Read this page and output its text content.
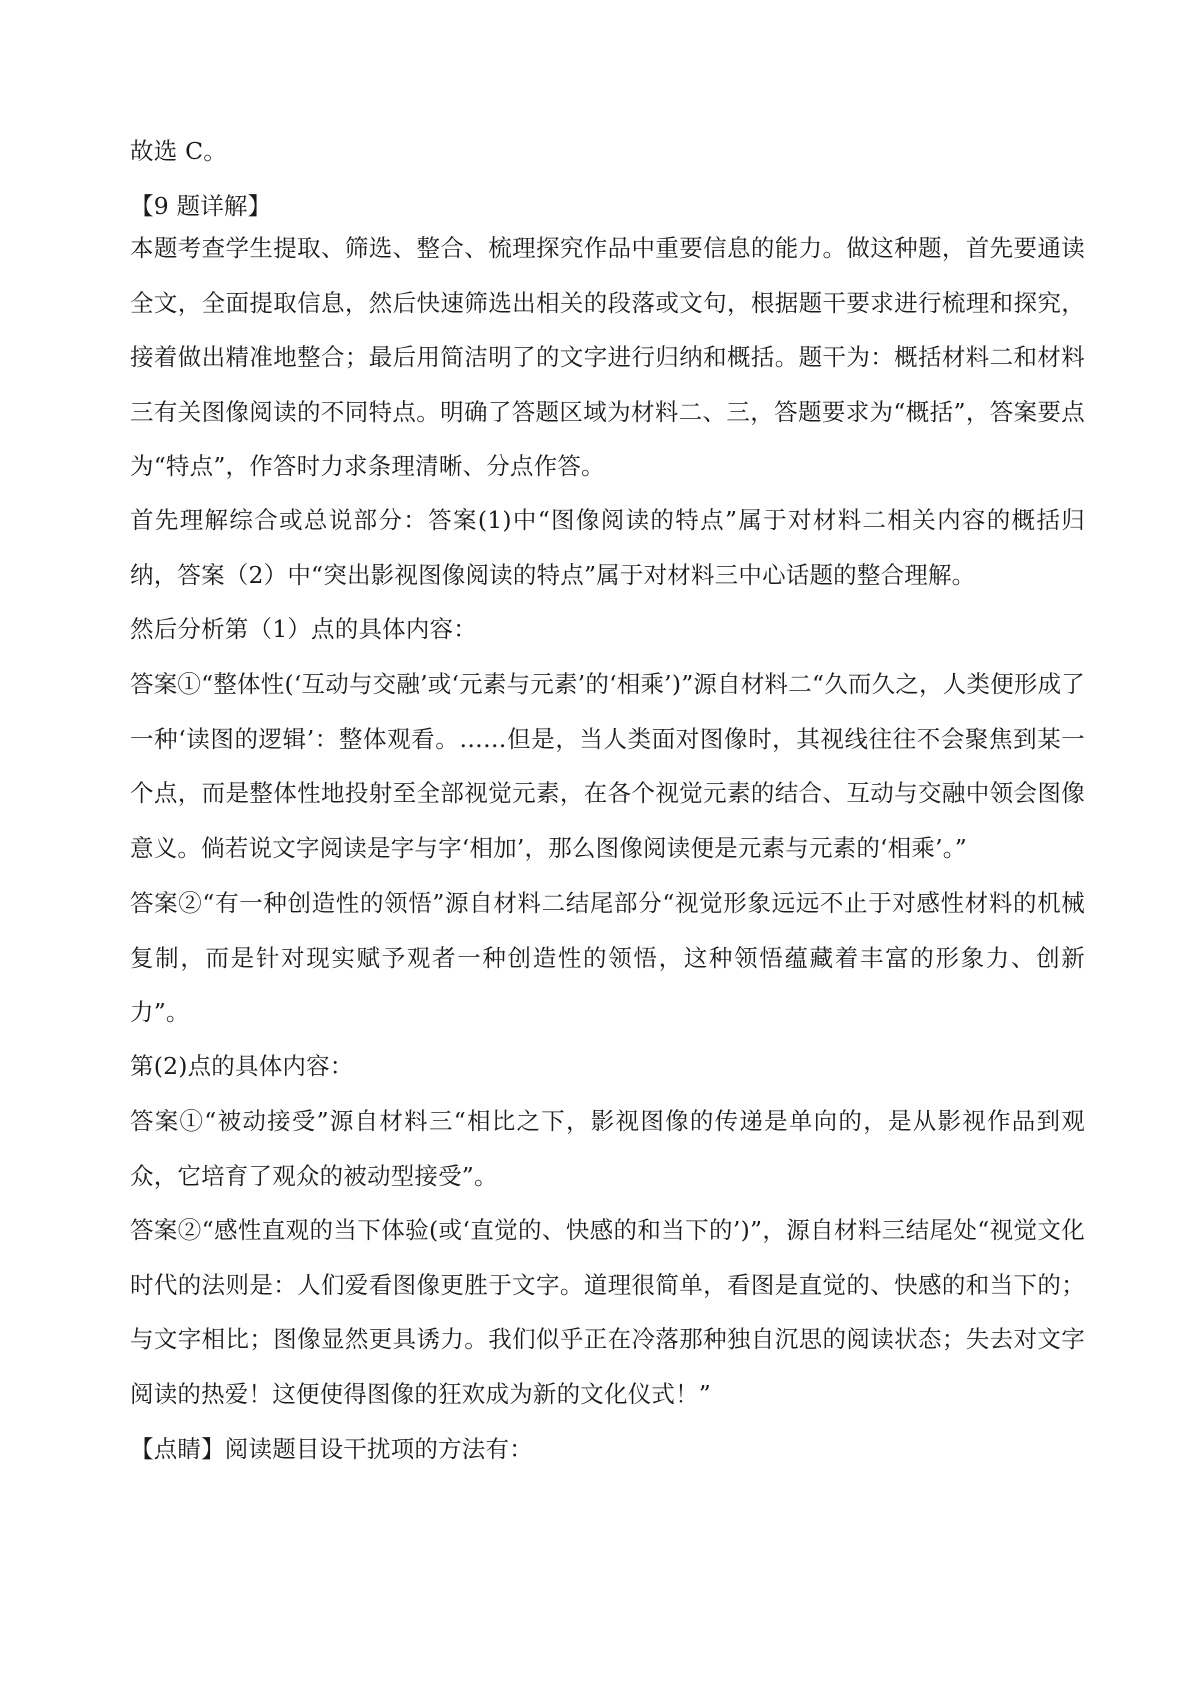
故选 C。

【9 题详解】

本题考查学生提取、筛选、整合、梳理探究作品中重要信息的能力。做这种题，首先要通读全文，全面提取信息，然后快速筛选出相关的段落或文句，根据题干要求进行梳理和探究，接着做出精准地整合；最后用简洁明了的文字进行归纳和概括。题干为：概括材料二和材料三有关图像阅读的不同特点。明确了答题区域为材料二、三，答题要求为“概括”，答案要点为“特点”，作答时力求条理清晰、分点作答。

首先理解综合或总说部分：答案(1)中“图像阅读的特点”属于对材料二相关内容的概括归纳，答案（2）中“突出影视图像阅读的特点”属于对材料三中心话题的整合理解。

然后分析第（1）点的具体内容：

答案①“整体性(‘互动与交融’或‘元素与元素’的‘相乘’)”源自材料二“久而久之，人类便形成了一种‘读图的逻辑’：整体观看。……但是，当人类面对图像时，其视线往往不会聚焦到某一个点，而是整体性地投射至全部视觉元素，在各个视觉元素的结合、互动与交融中领会图像意义。倘若说文字阅读是字与字‘相加’，那么图像阅读便是元素与元素的‘相乘’。”

答案②“有一种创造性的领悟”源自材料二结尾部分“视觉形象远远不止于对感性材料的机械复制，而是针对现实赋予观者一种创造性的领悟，这种领悟蕴藏着丰富的形象力、创新力”。

第(2)点的具体内容：

答案①“被动接受”源自材料三“相比之下，影视图像的传递是单向的，是从影视作品到观众，它培育了观众的被动型接受”。

答案②“感性直观的当下体验(或‘直觉的、快感的和当下的’)”，源自材料三结尾处“视觉文化时代的法则是：人们爱看图像更胜于文字。道理很简单，看图是直觉的、快感的和当下的；与文字相比；图像显然更具诱力。我们似乎正在冷落那种独自沉思的阅读状态；失去对文字阅读的热爱！这便使得图像的狂欢成为新的文化仪式！”

【点睛】阅读题目设干扰项的方法有：
